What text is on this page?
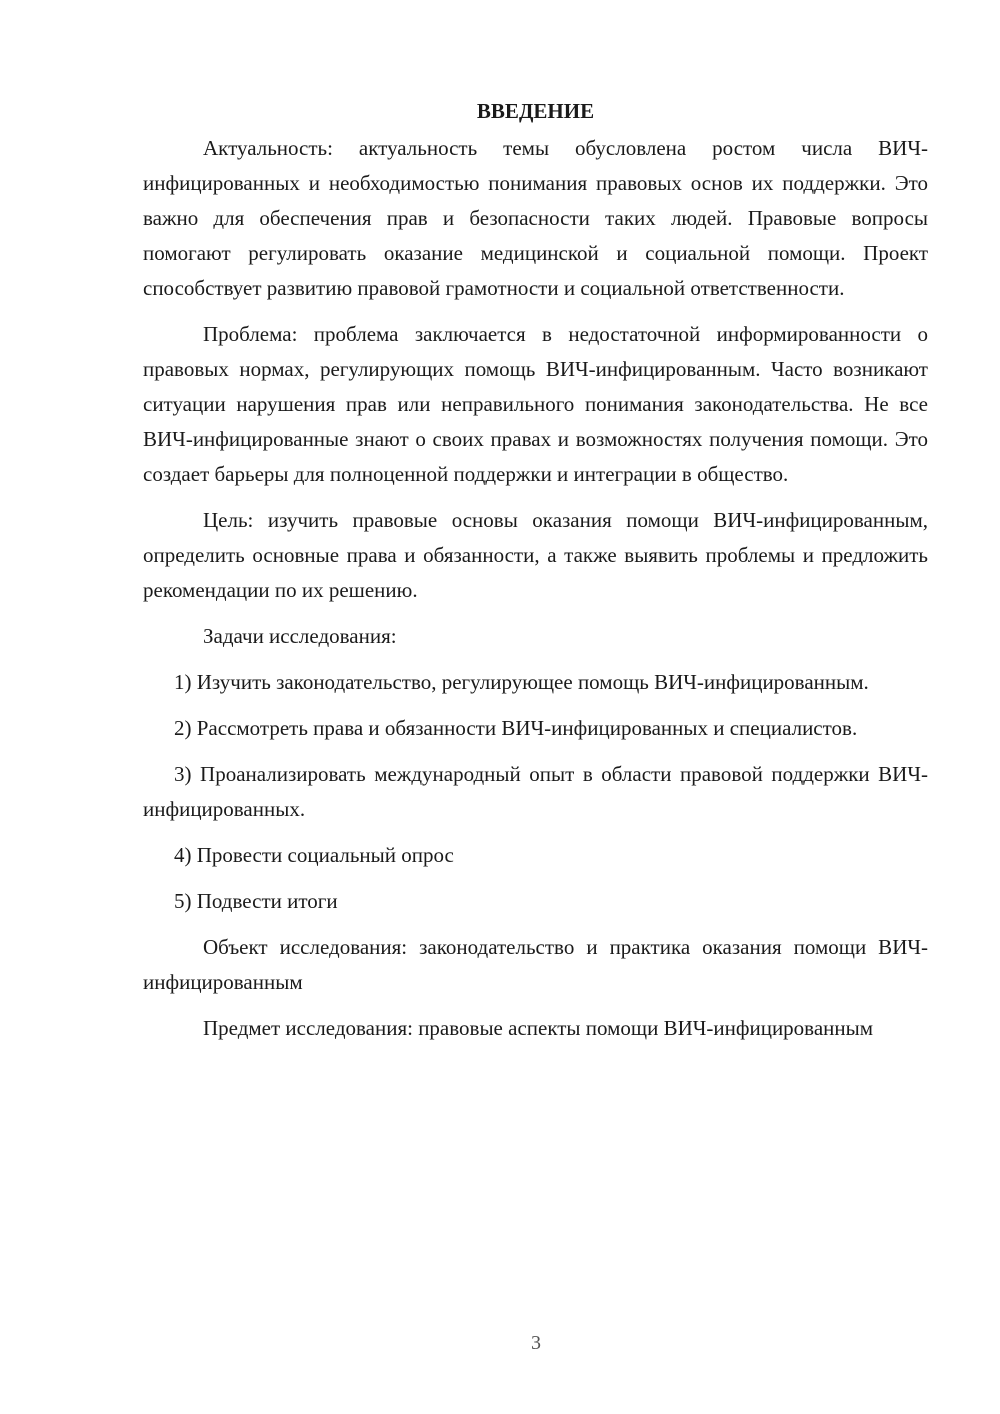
ВВЕДЕНИЕ

Актуальность: актуальность темы обусловлена ростом числа ВИЧ-инфицированных и необходимостью понимания правовых основ их поддержки. Это важно для обеспечения прав и безопасности таких людей. Правовые вопросы помогают регулировать оказание медицинской и социальной помощи. Проект способствует развитию правовой грамотности и социальной ответственности.

Проблема: проблема заключается в недостаточной информированности о правовых нормах, регулирующих помощь ВИЧ-инфицированным. Часто возникают ситуации нарушения прав или неправильного понимания законодательства. Не все ВИЧ-инфицированные знают о своих правах и возможностях получения помощи. Это создает барьеры для полноценной поддержки и интеграции в общество.

Цель: изучить правовые основы оказания помощи ВИЧ-инфицированным, определить основные права и обязанности, а также выявить проблемы и предложить рекомендации по их решению.

Задачи исследования:

1) Изучить законодательство, регулирующее помощь ВИЧ-инфицированным.

2) Рассмотреть права и обязанности ВИЧ-инфицированных и специалистов.

3) Проанализировать международный опыт в области правовой поддержки ВИЧ-инфицированных.

4) Провести социальный опрос

5) Подвести итоги

Объект исследования: законодательство и практика оказания помощи ВИЧ-инфицированным

Предмет исследования: правовые аспекты помощи ВИЧ-инфицированным

3
